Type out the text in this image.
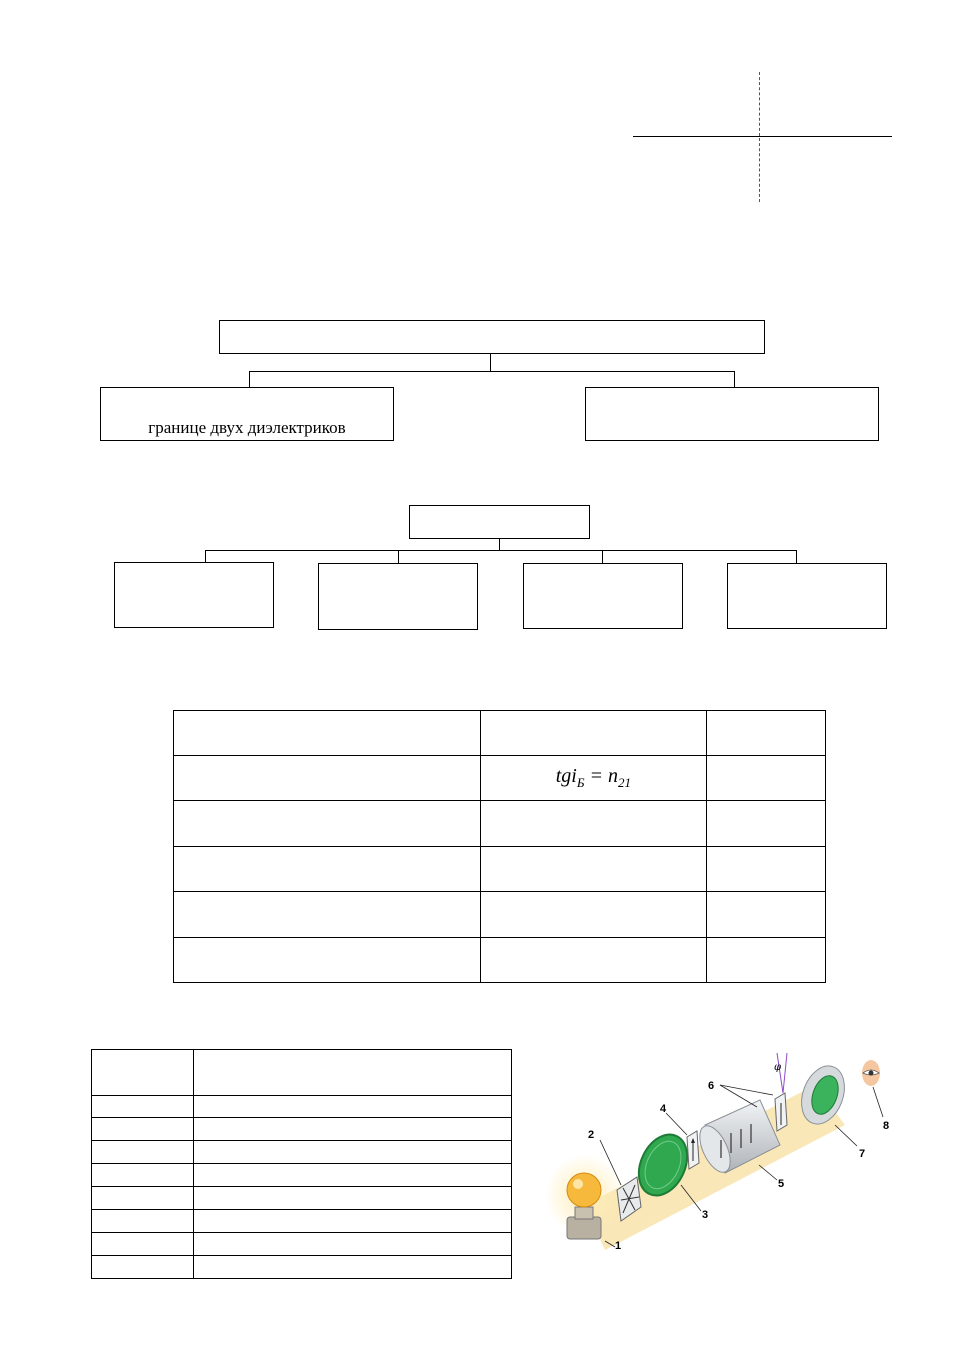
границе двух диэлектриков

	$tgi_Б = n_{21}$	

φ
1
2
3
4
5
6
7
8
